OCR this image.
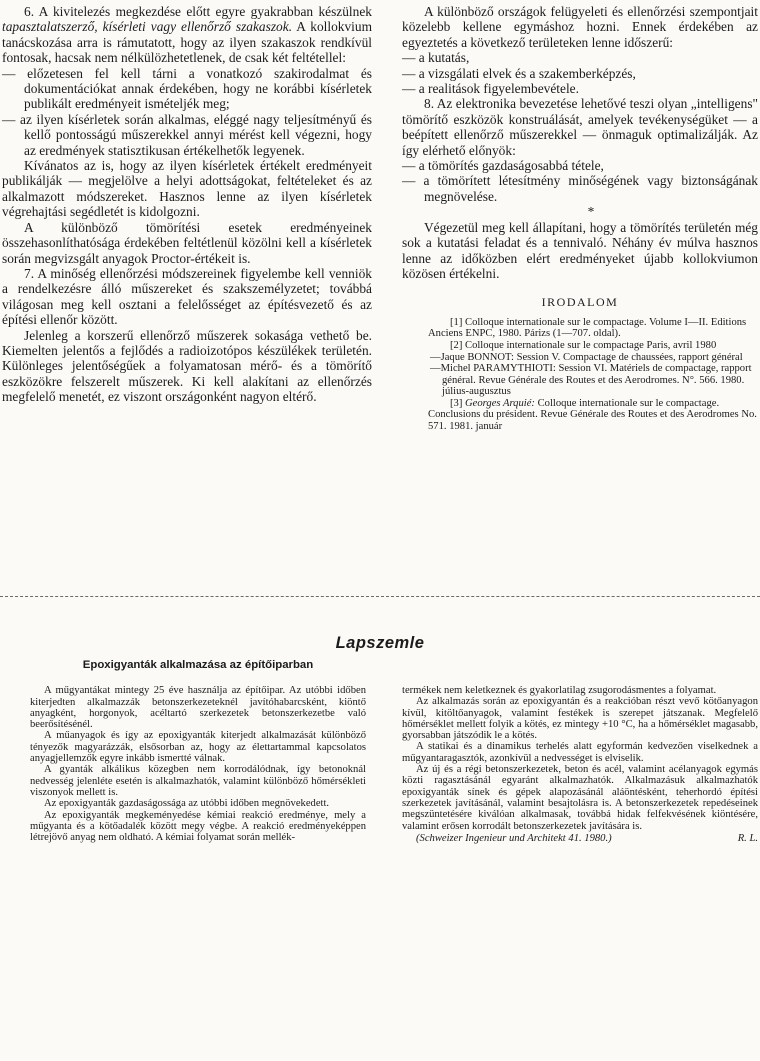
6. A kivitelezés megkezdése előtt egyre gyakrabban készülnek tapasztalatszerző, kísérleti vagy ellenőrző szakaszok. A kollokvium tanácskozása arra is rámutatott, hogy az ilyen szakaszok rendkívül fontosak, hacsak nem nélkülözhetetlenek, de csak két feltétellel:

— előzetesen fel kell tárni a vonatkozó szakirodalmat és dokumentációkat annak érdekében, hogy ne korábbi kísérletek publikált eredményeit ismételjék meg;

— az ilyen kísérletek során alkalmas, eléggé nagy teljesítményű és kellő pontosságú műszerekkel annyi mérést kell végezni, hogy az eredmények statisztikusan értékelhetők legyenek.

Kívánatos az is, hogy az ilyen kísérletek értékelt eredményeit publikálják — megjelölve a helyi adottságokat, feltételeket és az alkalmazott módszereket. Hasznos lenne az ilyen kísérletek végrehajtási segédletét is kidolgozni.

A különböző tömörítési esetek eredményeinek összehasonlíthatósága érdekében feltétlenül közölni kell a kísérletek során megvizsgált anyagok Proctor-értékeit is.

7. A minőség ellenőrzési módszereinek figyelembe kell venniök a rendelkezésre álló műszereket és szakszemélyzetet; továbbá világosan meg kell osztani a felelősséget az építésvezető és az építési ellenőr között.

Jelenleg a korszerű ellenőrző műszerek sokasága vethető be. Kiemelten jelentős a fejlődés a radioizotópos készülékek területén. Különleges jelentőségűek a folyamatosan mérő- és a tömörítő eszközökre felszerelt műszerek. Ki kell alakítani az ellenőrzés megfelelő menetét, ez viszont országonként nagyon eltérő.

A különböző országok felügyeleti és ellenőrzési szempontjait közelebb kellene egymáshoz hozni. Ennek érdekében az egyeztetés a következő területeken lenne időszerű:

— a kutatás,

— a vizsgálati elvek és a szakemberképzés,

— a realitások figyelembevétele.

8. Az elektronika bevezetése lehetővé teszi olyan „intelligens" tömörítő eszközök konstruálását, amelyek tevékenységüket — a beépített ellenőrző műszerekkel — önmaguk optimalizálják. Az így elérhető előnyök:

— a tömörítés gazdaságosabbá tétele,

— a tömörített létesítmény minőségének vagy biztonságának megnövelése.

*

Végezetül meg kell állapítani, hogy a tömörítés területén még sok a kutatási feladat és a tennivaló. Néhány év múlva hasznos lenne az időközben elért eredményeket újabb kollokviumon közösen értékelni.

IRODALOM

[1] Colloque internationale sur le compactage. Volume I—II. Editions Anciens ENPC, 1980. Párizs (1—707. oldal).

[2] Colloque internationale sur le compactage Paris, avril 1980
—Jaque BONNOT: Session V. Compactage de chaussées, rapport général
—Michel PARAMYTHIOTI: Session VI. Matériels de compactage, rapport général. Revue Générale des Routes et des Aerodromes. N°. 566. 1980. július-augusztus

[3] Georges Arquié: Colloque internationale sur le compactage. Conclusions du président. Revue Générale des Routes et des Aerodromes No. 571. 1981. január

Lapszemle
Epoxigyanták alkalmazása az építőiparban

A műgyantákat mintegy 25 éve használja az építőipar. Az utóbbi időben kiterjedten alkalmazzák betonszerkezeteknél javítóhabarcsként, kiöntő anyagként, horgonyok, acéltartó szerkezetek betonszerkezetbe való beerősítésénél.

A műanyagok és így az epoxigyanták kiterjedt alkalmazását különböző tényezők magyarázzák, elsősorban az, hogy az élettartammal kapcsolatos anyagjellemzők egyre inkább ismertté válnak.

A gyanták alkálikus közegben nem korrodálódnak, így betonoknál nedvesség jelenléte esetén is alkalmazhatók, valamint különböző hőmérsékleti viszonyok mellett is.

Az epoxigyanták gazdaságossága az utóbbi időben megnövekedett.

Az epoxigyanták megkeményedése kémiai reakció eredménye, mely a műgyanta és a kötőadalék között megy végbe. A reakció eredményeképpen létrejövő anyag nem oldható. A kémiai folyamat során mellék-

termékek nem keletkeznek és gyakorlatilag zsugorodásmentes a folyamat.

Az alkalmazás során az epoxigyantán és a reakcióban részt vevő kötőanyagon kívül, kitöltőanyagok, valamint festékek is szerepet játszanak. Megfelelő hőmérséklet mellett folyik a kötés, ez mintegy +10 °C, ha a hőmérséklet magasabb, gyorsabban játszódik le a kötés.

A statikai és a dinamikus terhelés alatt egyformán kedvezően viselkednek a műgyantaragasztók, azonkívül a nedvességet is elviselik.

Az új és a régi betonszerkezetek, beton és acél, valamint acélanyagok egymás közti ragasztásánál egyaránt alkalmazhatók. Alkalmazásuk alkalmazhatók epoxigyanták sínek és gépek alapozásánál aláöntésként, teherhordó építési szerkezetek javításánál, valamint besajtolásra is. A betonszerkezetek repedéseinek megszüntetésére kiválóan alkalmasak, továbbá hidak felfekvésének kiöntésére, valamint erősen korrodált betonszerkezetek javítására is.

(Schweizer Ingenieur und Architekt 41. 1980.)	R. L.
